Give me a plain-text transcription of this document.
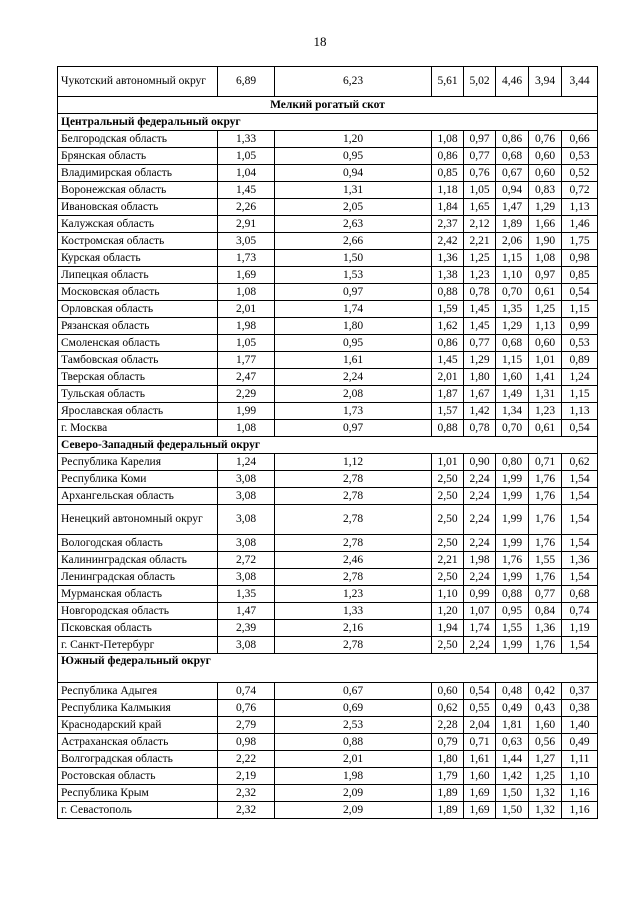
18
Чукотский автономный округ	6,89	6,23	5,61	5,02	4,46	3,94	3,44
Мелкий рогатый скот							
Центральный федеральный округ							
Белгородская область	1,33	1,20	1,08	0,97	0,86	0,76	0,66
Брянская область	1,05	0,95	0,86	0,77	0,68	0,60	0,53
Владимирская область	1,04	0,94	0,85	0,76	0,67	0,60	0,52
Воронежская область	1,45	1,31	1,18	1,05	0,94	0,83	0,72
Ивановская область	2,26	2,05	1,84	1,65	1,47	1,29	1,13
Калужская область	2,91	2,63	2,37	2,12	1,89	1,66	1,46
Костромская область	3,05	2,66	2,42	2,21	2,06	1,90	1,75
Курская область	1,73	1,50	1,36	1,25	1,15	1,08	0,98
Липецкая область	1,69	1,53	1,38	1,23	1,10	0,97	0,85
Московская область	1,08	0,97	0,88	0,78	0,70	0,61	0,54
Орловская область	2,01	1,74	1,59	1,45	1,35	1,25	1,15
Рязанская область	1,98	1,80	1,62	1,45	1,29	1,13	0,99
Смоленская область	1,05	0,95	0,86	0,77	0,68	0,60	0,53
Тамбовская область	1,77	1,61	1,45	1,29	1,15	1,01	0,89
Тверская область	2,47	2,24	2,01	1,80	1,60	1,41	1,24
Тульская область	2,29	2,08	1,87	1,67	1,49	1,31	1,15
Ярославская область	1,99	1,73	1,57	1,42	1,34	1,23	1,13
г. Москва	1,08	0,97	0,88	0,78	0,70	0,61	0,54
Северо-Западный федеральный округ							
Республика Карелия	1,24	1,12	1,01	0,90	0,80	0,71	0,62
Республика Коми	3,08	2,78	2,50	2,24	1,99	1,76	1,54
Архангельская область	3,08	2,78	2,50	2,24	1,99	1,76	1,54
Ненецкий автономный округ	3,08	2,78	2,50	2,24	1,99	1,76	1,54
Вологодская область	3,08	2,78	2,50	2,24	1,99	1,76	1,54
Калининградская область	2,72	2,46	2,21	1,98	1,76	1,55	1,36
Ленинградская область	3,08	2,78	2,50	2,24	1,99	1,76	1,54
Мурманская область	1,35	1,23	1,10	0,99	0,88	0,77	0,68
Новгородская область	1,47	1,33	1,20	1,07	0,95	0,84	0,74
Псковская область	2,39	2,16	1,94	1,74	1,55	1,36	1,19
г. Санкт-Петербург	3,08	2,78	2,50	2,24	1,99	1,76	1,54
Южный федеральный округ							
Республика Адыгея	0,74	0,67	0,60	0,54	0,48	0,42	0,37
Республика Калмыкия	0,76	0,69	0,62	0,55	0,49	0,43	0,38
Краснодарский край	2,79	2,53	2,28	2,04	1,81	1,60	1,40
Астраханская область	0,98	0,88	0,79	0,71	0,63	0,56	0,49
Волгоградская область	2,22	2,01	1,80	1,61	1,44	1,27	1,11
Ростовская область	2,19	1,98	1,79	1,60	1,42	1,25	1,10
Республика Крым	2,32	2,09	1,89	1,69	1,50	1,32	1,16
г. Севастополь	2,32	2,09	1,89	1,69	1,50	1,32	1,16
